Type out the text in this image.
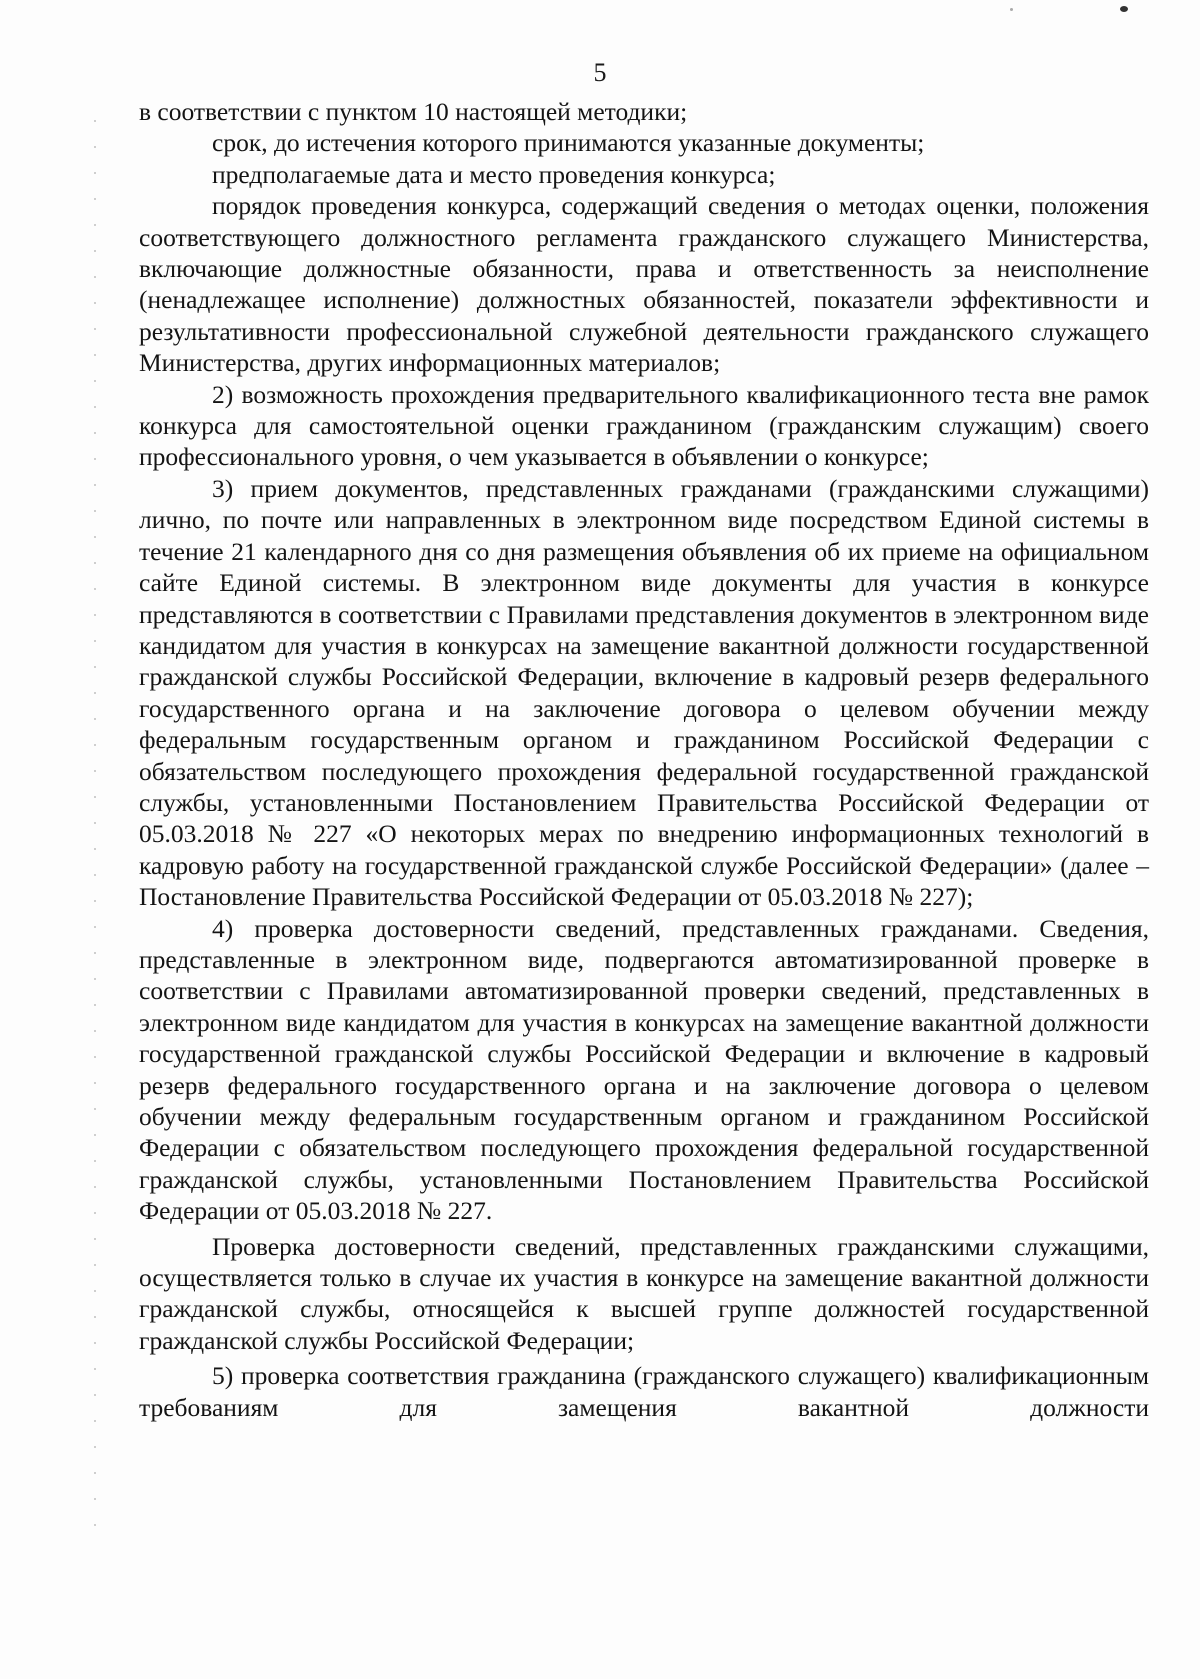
5

в соответствии с пунктом 10 настоящей методики;

срок, до истечения которого принимаются указанные документы;

предполагаемые дата и место проведения конкурса;

порядок проведения конкурса, содержащий сведения о методах оценки, положения соответствующего должностного регламента гражданского служащего Министерства, включающие должностные обязанности, права и ответственность за неисполнение (ненадлежащее исполнение) должностных обязанностей, показатели эффективности и результативности профессиональной служебной деятельности гражданского служащего Министерства, других информационных материалов;

2) возможность прохождения предварительного квалификационного теста вне рамок конкурса для самостоятельной оценки гражданином (гражданским служащим) своего профессионального уровня, о чем указывается в объявлении о конкурсе;

3) прием документов, представленных гражданами (гражданскими служащими) лично, по почте или направленных в электронном виде посредством Единой системы в течение 21 календарного дня со дня размещения объявления об их приеме на официальном сайте Единой системы. В электронном виде документы для участия в конкурсе представляются в соответствии с Правилами представления документов в электронном виде кандидатом для участия в конкурсах на замещение вакантной должности государственной гражданской службы Российской Федерации, включение в кадровый резерв федерального государственного органа и на заключение договора о целевом обучении между федеральным государственным органом и гражданином Российской Федерации с обязательством последующего прохождения федеральной государственной гражданской службы, установленными Постановлением Правительства Российской Федерации от 05.03.2018 № 227 «О некоторых мерах по внедрению информационных технологий в кадровую работу на государственной гражданской службе Российской Федерации» (далее – Постановление Правительства Российской Федерации от 05.03.2018 № 227);

4) проверка достоверности сведений, представленных гражданами. Сведения, представленные в электронном виде, подвергаются автоматизированной проверке в соответствии с Правилами автоматизированной проверки сведений, представленных в электронном виде кандидатом для участия в конкурсах на замещение вакантной должности государственной гражданской службы Российской Федерации и включение в кадровый резерв федерального государственного органа и на заключение договора о целевом обучении между федеральным государственным органом и гражданином Российской Федерации с обязательством последующего прохождения федеральной государственной гражданской службы, установленными Постановлением Правительства Российской Федерации от 05.03.2018 № 227.

Проверка достоверности сведений, представленных гражданскими служащими, осуществляется только в случае их участия в конкурсе на замещение вакантной должности гражданской службы, относящейся к высшей группе должностей государственной гражданской службы Российской Федерации;

5) проверка соответствия гражданина (гражданского служащего) квалификационным требованиям для замещения вакантной должности
